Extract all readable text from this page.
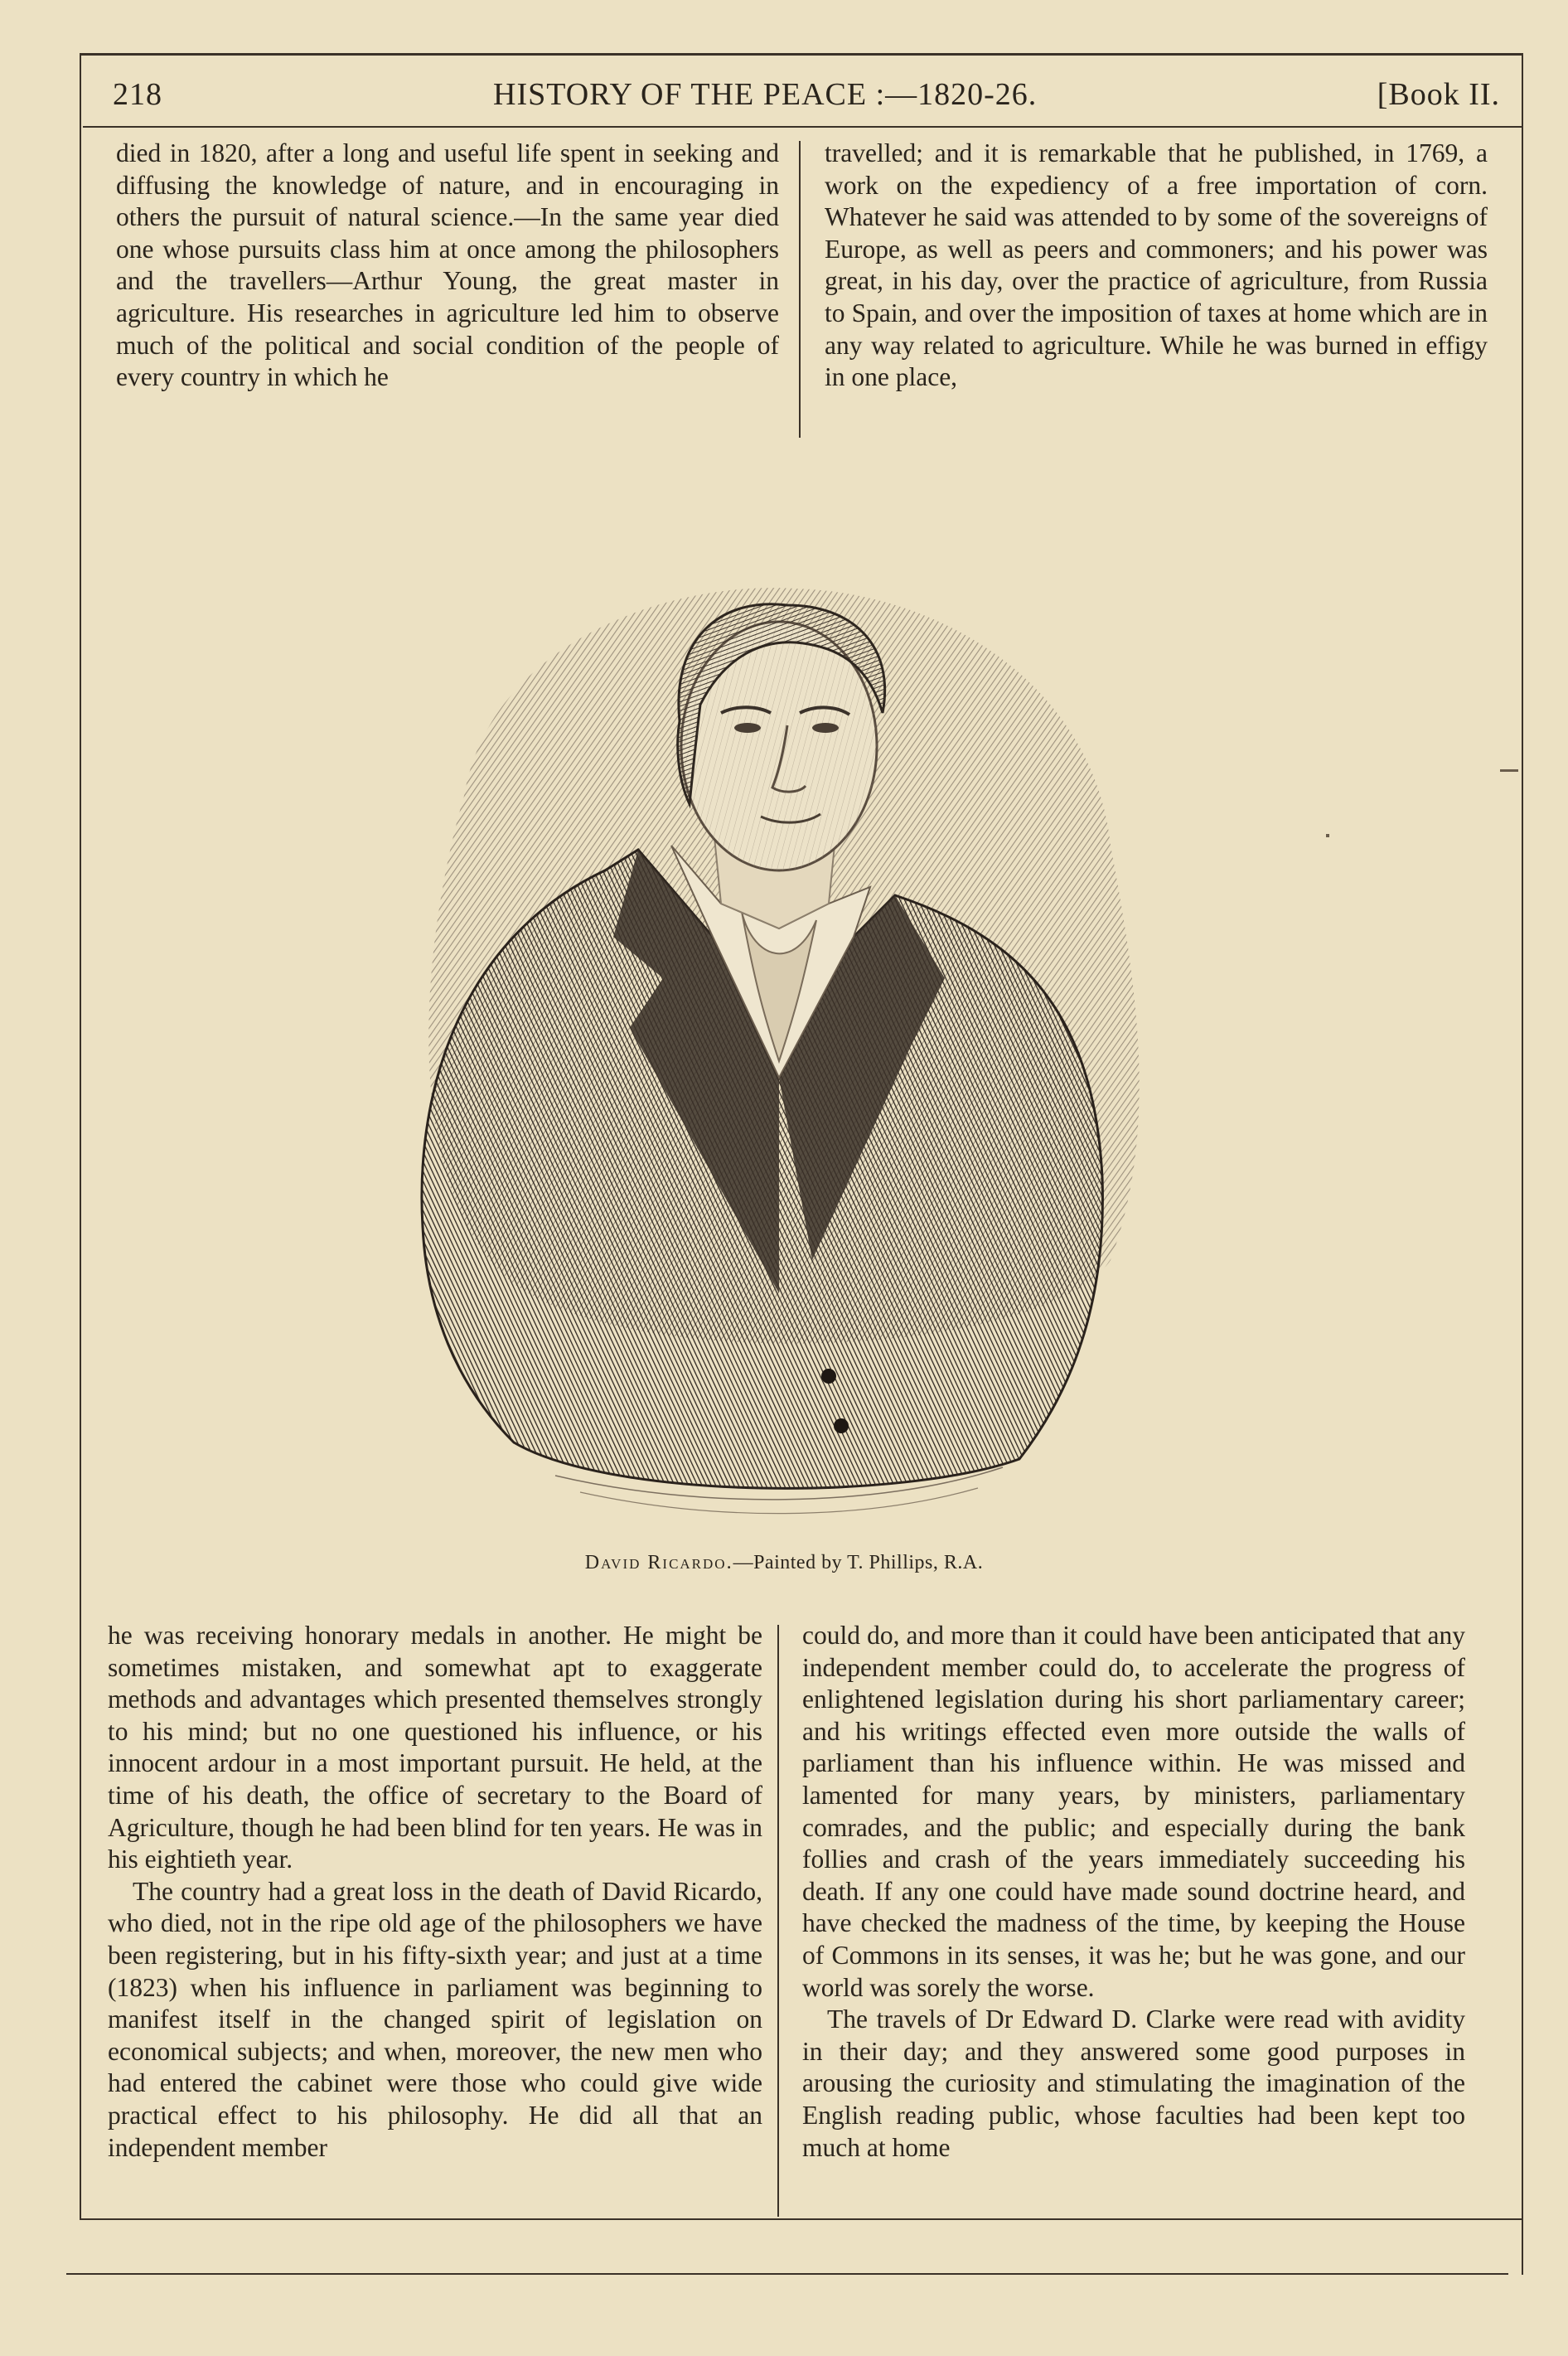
218	HISTORY OF THE PEACE :—1820-26.	[Book II.

died in 1820, after a long and useful life spent in seeking and diffusing the knowledge of nature, and in encouraging in others the pursuit of natural science.—In the same year died one whose pursuits class him at once among the philosophers and the travellers—Arthur Young, the great master in agriculture. His researches in agriculture led him to observe much of the political and social condition of the people of every country in which he

travelled; and it is remarkable that he published, in 1769, a work on the expediency of a free importation of corn. Whatever he said was attended to by some of the sovereigns of Europe, as well as peers and commoners; and his power was great, in his day, over the practice of agriculture, from Russia to Spain, and over the imposition of taxes at home which are in any way related to agriculture. While he was burned in effigy in one place,

David Ricardo.—Painted by T. Phillips, R.A.

he was receiving honorary medals in another. He might be sometimes mistaken, and somewhat apt to exaggerate methods and advantages which presented themselves strongly to his mind; but no one questioned his influence, or his innocent ardour in a most important pursuit. He held, at the time of his death, the office of secretary to the Board of Agriculture, though he had been blind for ten years. He was in his eightieth year.

The country had a great loss in the death of David Ricardo, who died, not in the ripe old age of the philosophers we have been registering, but in his fifty-sixth year; and just at a time (1823) when his influence in parliament was beginning to manifest itself in the changed spirit of legislation on economical subjects; and when, moreover, the new men who had entered the cabinet were those who could give wide practical effect to his philosophy. He did all that an independent member

could do, and more than it could have been anticipated that any independent member could do, to accelerate the progress of enlightened legislation during his short parliamentary career; and his writings effected even more outside the walls of parliament than his influence within. He was missed and lamented for many years, by ministers, parliamentary comrades, and the public; and especially during the bank follies and crash of the years immediately succeeding his death. If any one could have made sound doctrine heard, and have checked the madness of the time, by keeping the House of Commons in its senses, it was he; but he was gone, and our world was sorely the worse.

The travels of Dr Edward D. Clarke were read with avidity in their day; and they answered some good purposes in arousing the curiosity and stimulating the imagination of the English reading public, whose faculties had been kept too much at home
